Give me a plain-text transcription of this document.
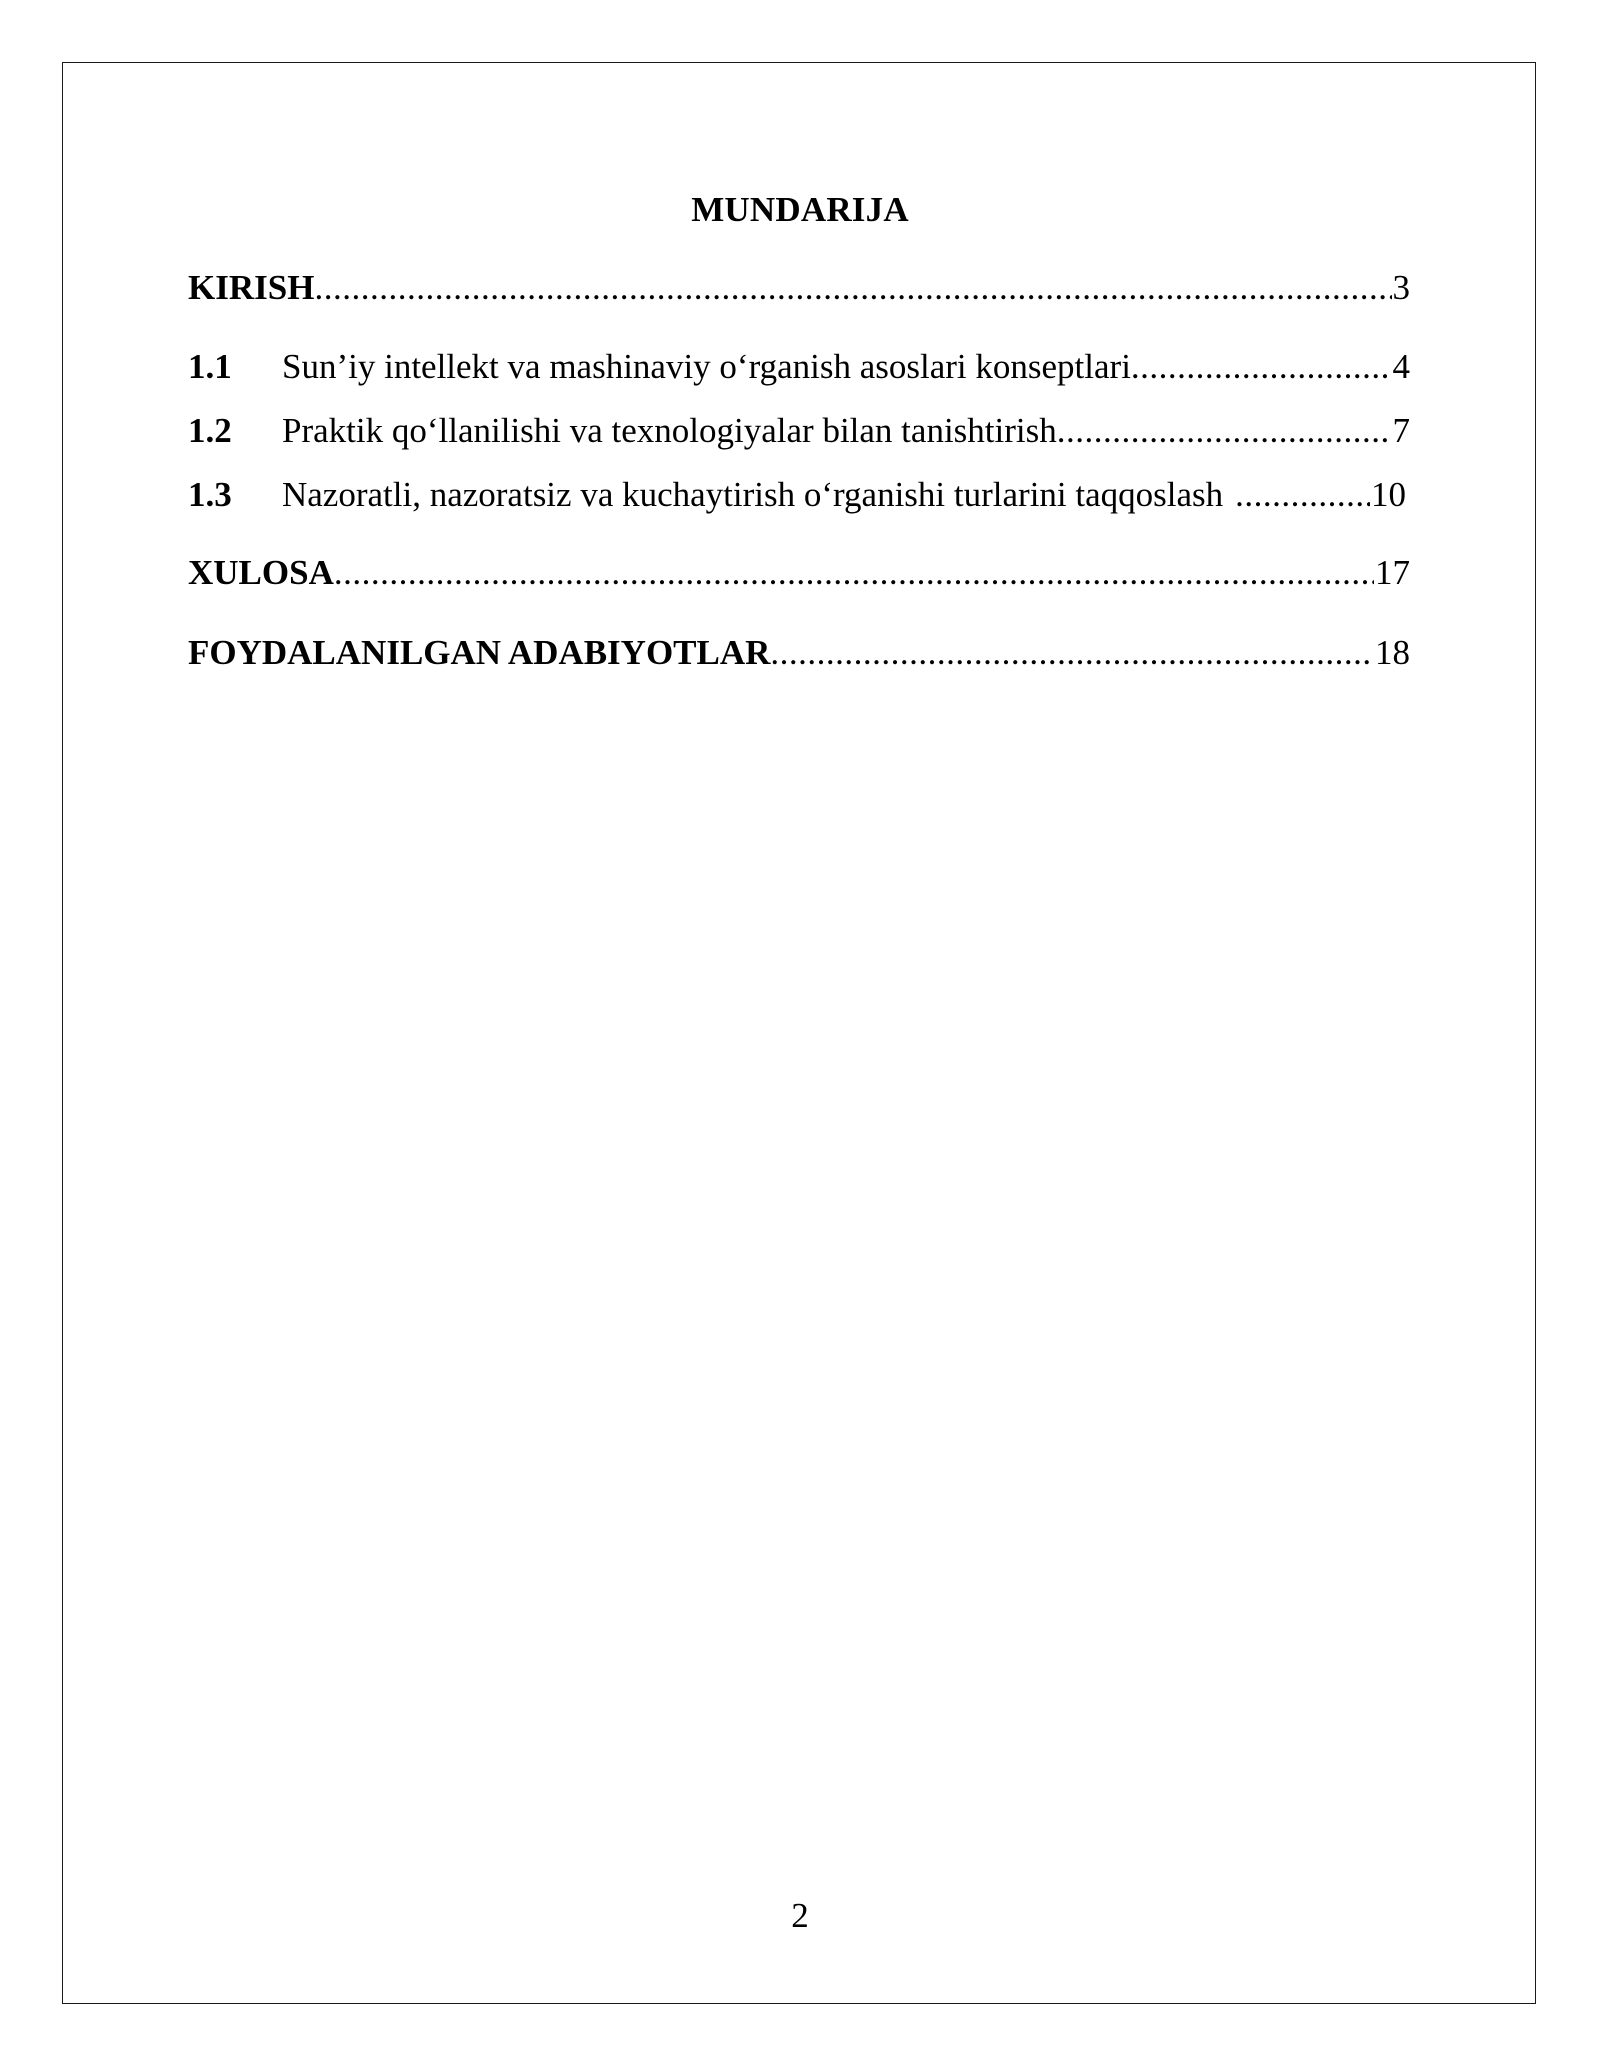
MUNDARIJA
KIRISH .....	3
1.1	Sun’iy intellekt va mashinaviy o‘rganish asoslari konseptlari .....	4
1.2	Praktik qo‘llanilishi va texnologiyalar bilan tanishtirish .....	7
1.3	Nazoratli, nazoratsiz va kuchaytirish o‘rganishi turlarini taqqoslash .....	10
XULOSA .....	17
FOYDALANILGAN ADABIYOTLAR .....	18
2
